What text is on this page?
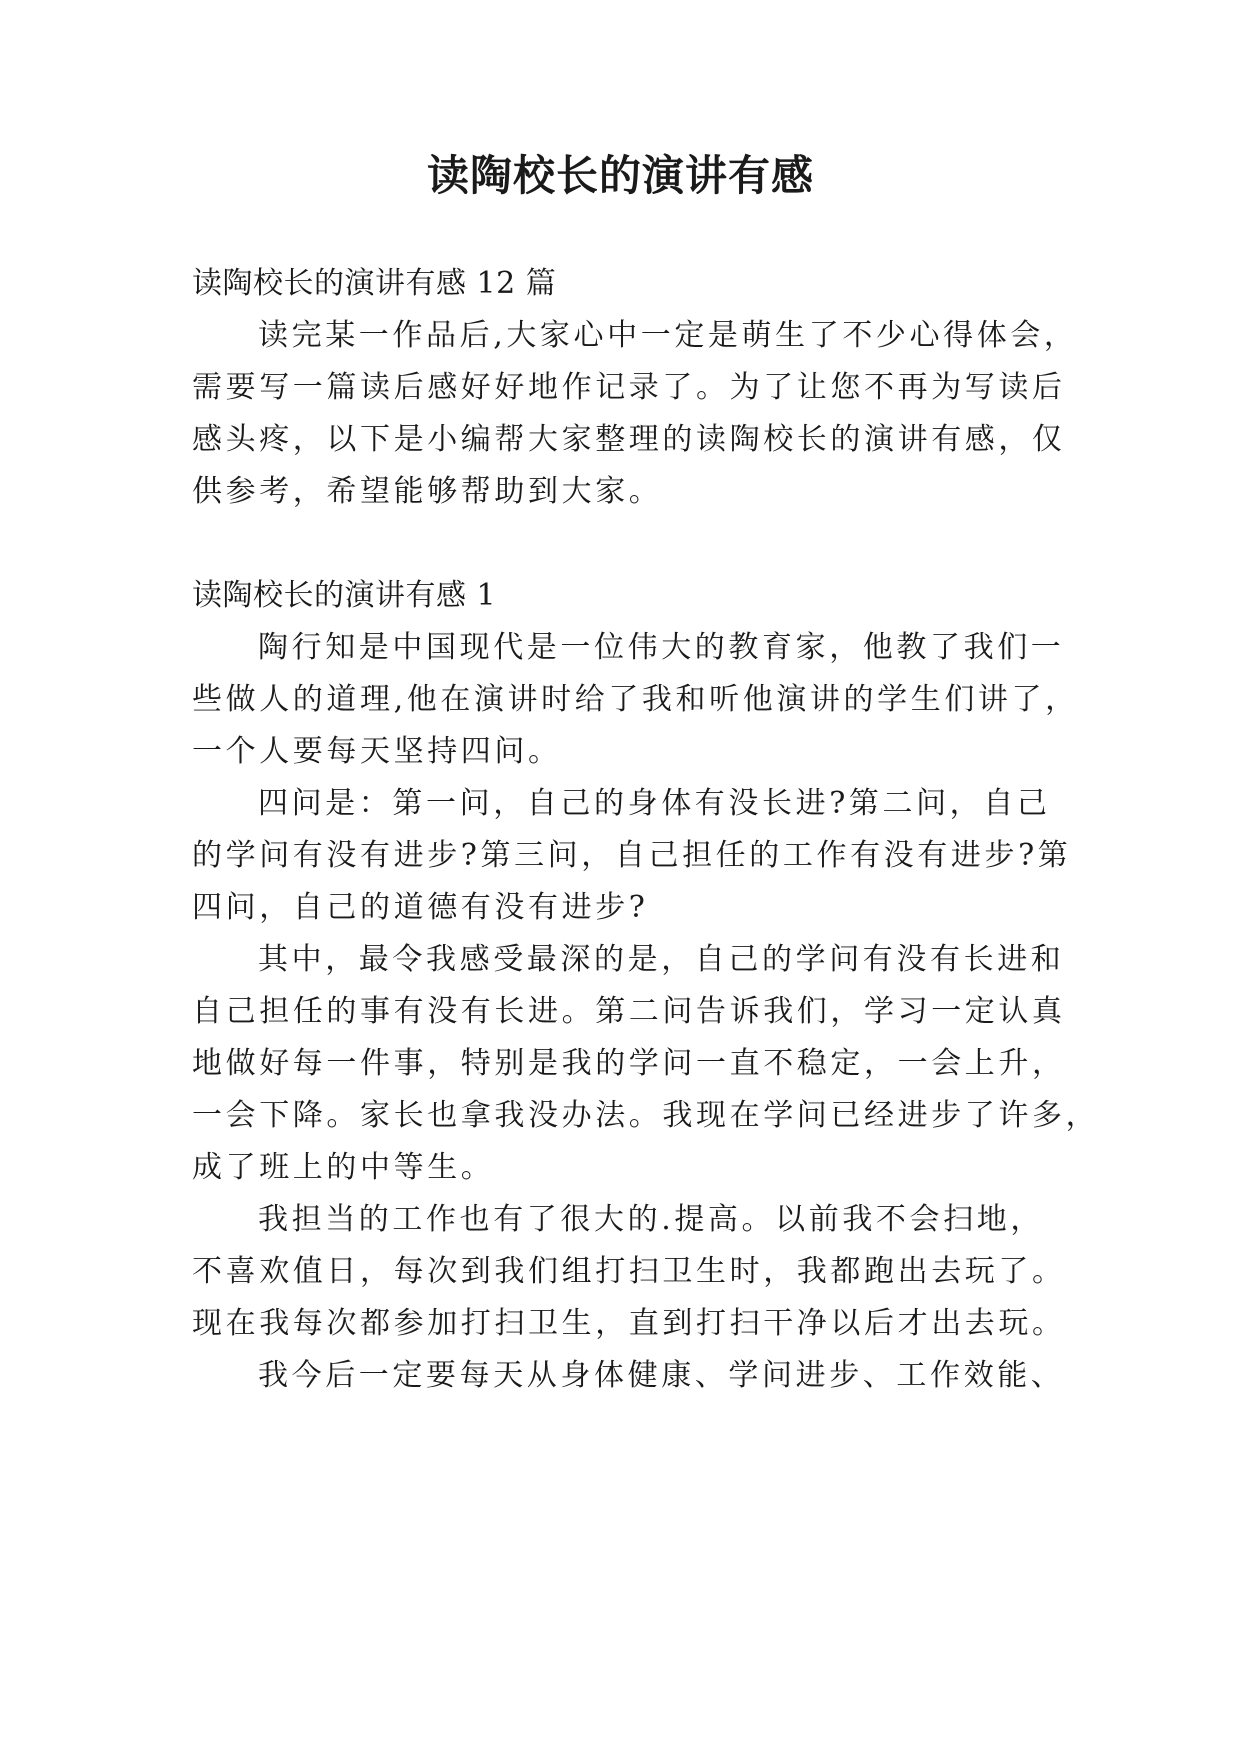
读陶校长的演讲有感
读陶校长的演讲有感 12 篇
读完某一作品后,大家心中一定是萌生了不少心得体会，
需要写一篇读后感好好地作记录了。为了让您不再为写读后
感头疼，以下是小编帮大家整理的读陶校长的演讲有感，仅
供参考，希望能够帮助到大家。
读陶校长的演讲有感 1
陶行知是中国现代是一位伟大的教育家，他教了我们一
些做人的道理,他在演讲时给了我和听他演讲的学生们讲了，
一个人要每天坚持四问。
四问是：第一问，自己的身体有没长进?第二问，自己
的学问有没有进步?第三问，自己担任的工作有没有进步?第
四问，自己的道德有没有进步?
其中，最令我感受最深的是，自己的学问有没有长进和
自己担任的事有没有长进。第二问告诉我们，学习一定认真
地做好每一件事，特别是我的学问一直不稳定，一会上升，
一会下降。家长也拿我没办法。我现在学问已经进步了许多，
成了班上的中等生。
我担当的工作也有了很大的.提高。以前我不会扫地，
不喜欢值日，每次到我们组打扫卫生时，我都跑出去玩了。
现在我每次都参加打扫卫生，直到打扫干净以后才出去玩。
我今后一定要每天从身体健康、学问进步、工作效能、
